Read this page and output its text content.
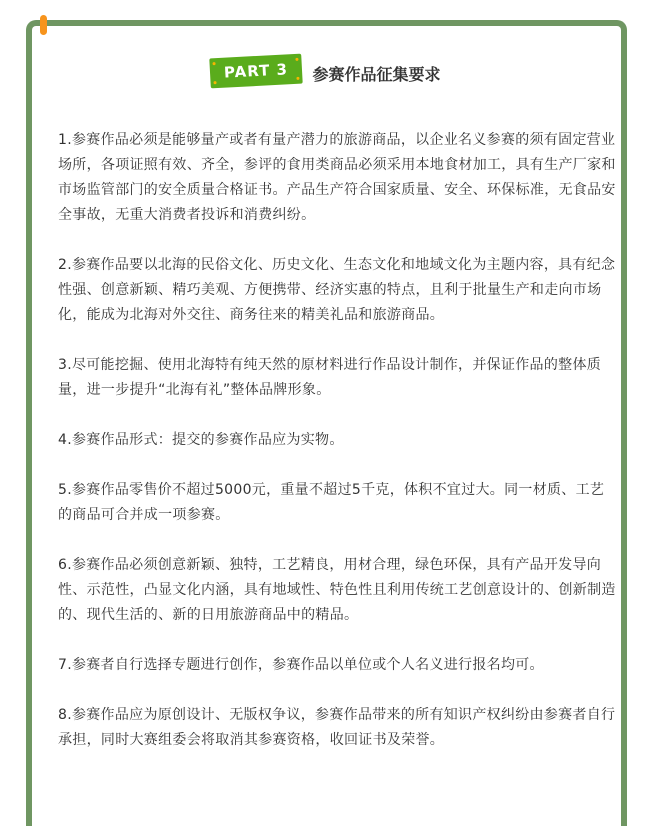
PART 3	参赛作品征集要求

1.参赛作品必须是能够量产或者有量产潜力的旅游商品，以企业名义参赛的须有固定营业场所，各项证照有效、齐全，参评的食用类商品必须采用本地食材加工，具有生产厂家和市场监管部门的安全质量合格证书。产品生产符合国家质量、安全、环保标准，无食品安全事故，无重大消费者投诉和消费纠纷。

2.参赛作品要以北海的民俗文化、历史文化、生态文化和地域文化为主题内容，具有纪念性强、创意新颖、精巧美观、方便携带、经济实惠的特点，且利于批量生产和走向市场化，能成为北海对外交往、商务往来的精美礼品和旅游商品。

3.尽可能挖掘、使用北海特有纯天然的原材料进行作品设计制作，并保证作品的整体质量，进一步提升“北海有礼”整体品牌形象。

4.参赛作品形式：提交的参赛作品应为实物。

5.参赛作品零售价不超过5000元，重量不超过5千克，体积不宜过大。同一材质、工艺的商品可合并成一项参赛。

6.参赛作品必须创意新颖、独特，工艺精良，用材合理，绿色环保，具有产品开发导向性、示范性，凸显文化内涵，具有地域性、特色性且利用传统工艺创意设计的、创新制造的、现代生活的、新的日用旅游商品中的精品。

7.参赛者自行选择专题进行创作，参赛作品以单位或个人名义进行报名均可。

8.参赛作品应为原创设计、无版权争议，参赛作品带来的所有知识产权纠纷由参赛者自行承担，同时大赛组委会将取消其参赛资格，收回证书及荣誉。
